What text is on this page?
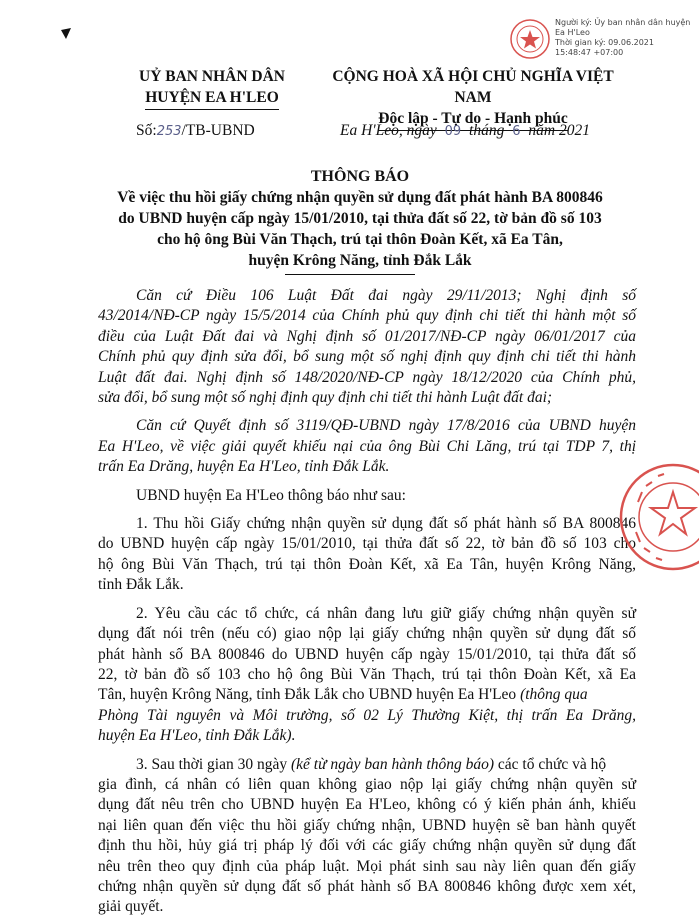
Người ký: Ủy ban nhân dân huyện
Ea H'Leo
Thời gian ký: 09.06.2021
15:48:47 +07:00
UỶ BAN NHÂN DÂN
HUYỆN EA H'LEO
CỘNG HOÀ XÃ HỘI CHỦ NGHĨA VIỆT NAM
Độc lập - Tự do - Hạnh phúc
Số:253/TB-UBND	Ea H'Leo, ngày 09 tháng 6 năm 2021
THÔNG BÁO
Về việc thu hồi giấy chứng nhận quyền sử dụng đất phát hành BA 800846
do UBND huyện cấp ngày 15/01/2010, tại thửa đất số 22, tờ bản đồ số 103
cho hộ ông Bùi Văn Thạch, trú tại thôn Đoàn Kết, xã Ea Tân,
huyện Krông Năng, tỉnh Đắk Lắk
Căn cứ Điều 106 Luật Đất đai ngày 29/11/2013; Nghị định số
43/2014/NĐ-CP ngày 15/5/2014 của Chính phủ quy định chi tiết thi hành một số
điều của Luật Đất đai và Nghị định số 01/2017/NĐ-CP ngày 06/01/2017 của
Chính phủ quy định sửa đổi, bổ sung một số nghị định quy định chi tiết thi hành
Luật đất đai. Nghị định số 148/2020/NĐ-CP ngày 18/12/2020 của Chính phủ,
sửa đổi, bổ sung một số nghị định quy định chi tiết thi hành Luật đất đai;
Căn cứ Quyết định số 3119/QĐ-UBND ngày 17/8/2016 của UBND huyện
Ea H'Leo, về việc giải quyết khiếu nại của ông Bùi Chi Lăng, trú tại TDP 7, thị
trấn Ea Drăng, huyện Ea H'Leo, tỉnh Đắk Lắk.
UBND huyện Ea H'Leo thông báo như sau:
1. Thu hồi Giấy chứng nhận quyền sử dụng đất số phát hành số BA 800846
do UBND huyện cấp ngày 15/01/2010, tại thửa đất số 22, tờ bản đồ số 103 cho
hộ ông Bùi Văn Thạch, trú tại thôn Đoàn Kết, xã Ea Tân, huyện Krông Năng,
tỉnh Đắk Lắk.
2. Yêu cầu các tổ chức, cá nhân đang lưu giữ giấy chứng nhận quyền sử
dụng đất nói trên (nếu có) giao nộp lại giấy chứng nhận quyền sử dụng đất số
phát hành số BA 800846 do UBND huyện cấp ngày 15/01/2010, tại thửa đất số
22, tờ bản đồ số 103 cho hộ ông Bùi Văn Thạch, trú tại thôn Đoàn Kết, xã Ea
Tân, huyện Krông Năng, tỉnh Đắk Lắk cho UBND huyện Ea H'Leo (thông qua
Phòng Tài nguyên và Môi trường, số 02 Lý Thường Kiệt, thị trấn Ea Drăng,
huyện Ea H'Leo, tỉnh Đắk Lắk).
3. Sau thời gian 30 ngày (kể từ ngày ban hành thông báo) các tổ chức và hộ
gia đình, cá nhân có liên quan không giao nộp lại giấy chứng nhận quyền sử
dụng đất nêu trên cho UBND huyện Ea H'Leo, không có ý kiến phản ánh, khiếu
nại liên quan đến việc thu hồi giấy chứng nhận, UBND huyện sẽ ban hành quyết
định thu hồi, hủy giá trị pháp lý đối với các giấy chứng nhận quyền sử dụng đất
nêu trên theo quy định của pháp luật. Mọi phát sinh sau này liên quan đến giấy
chứng nhận quyền sử dụng đất số phát hành số BA 800846 không được xem xét,
giải quyết.
